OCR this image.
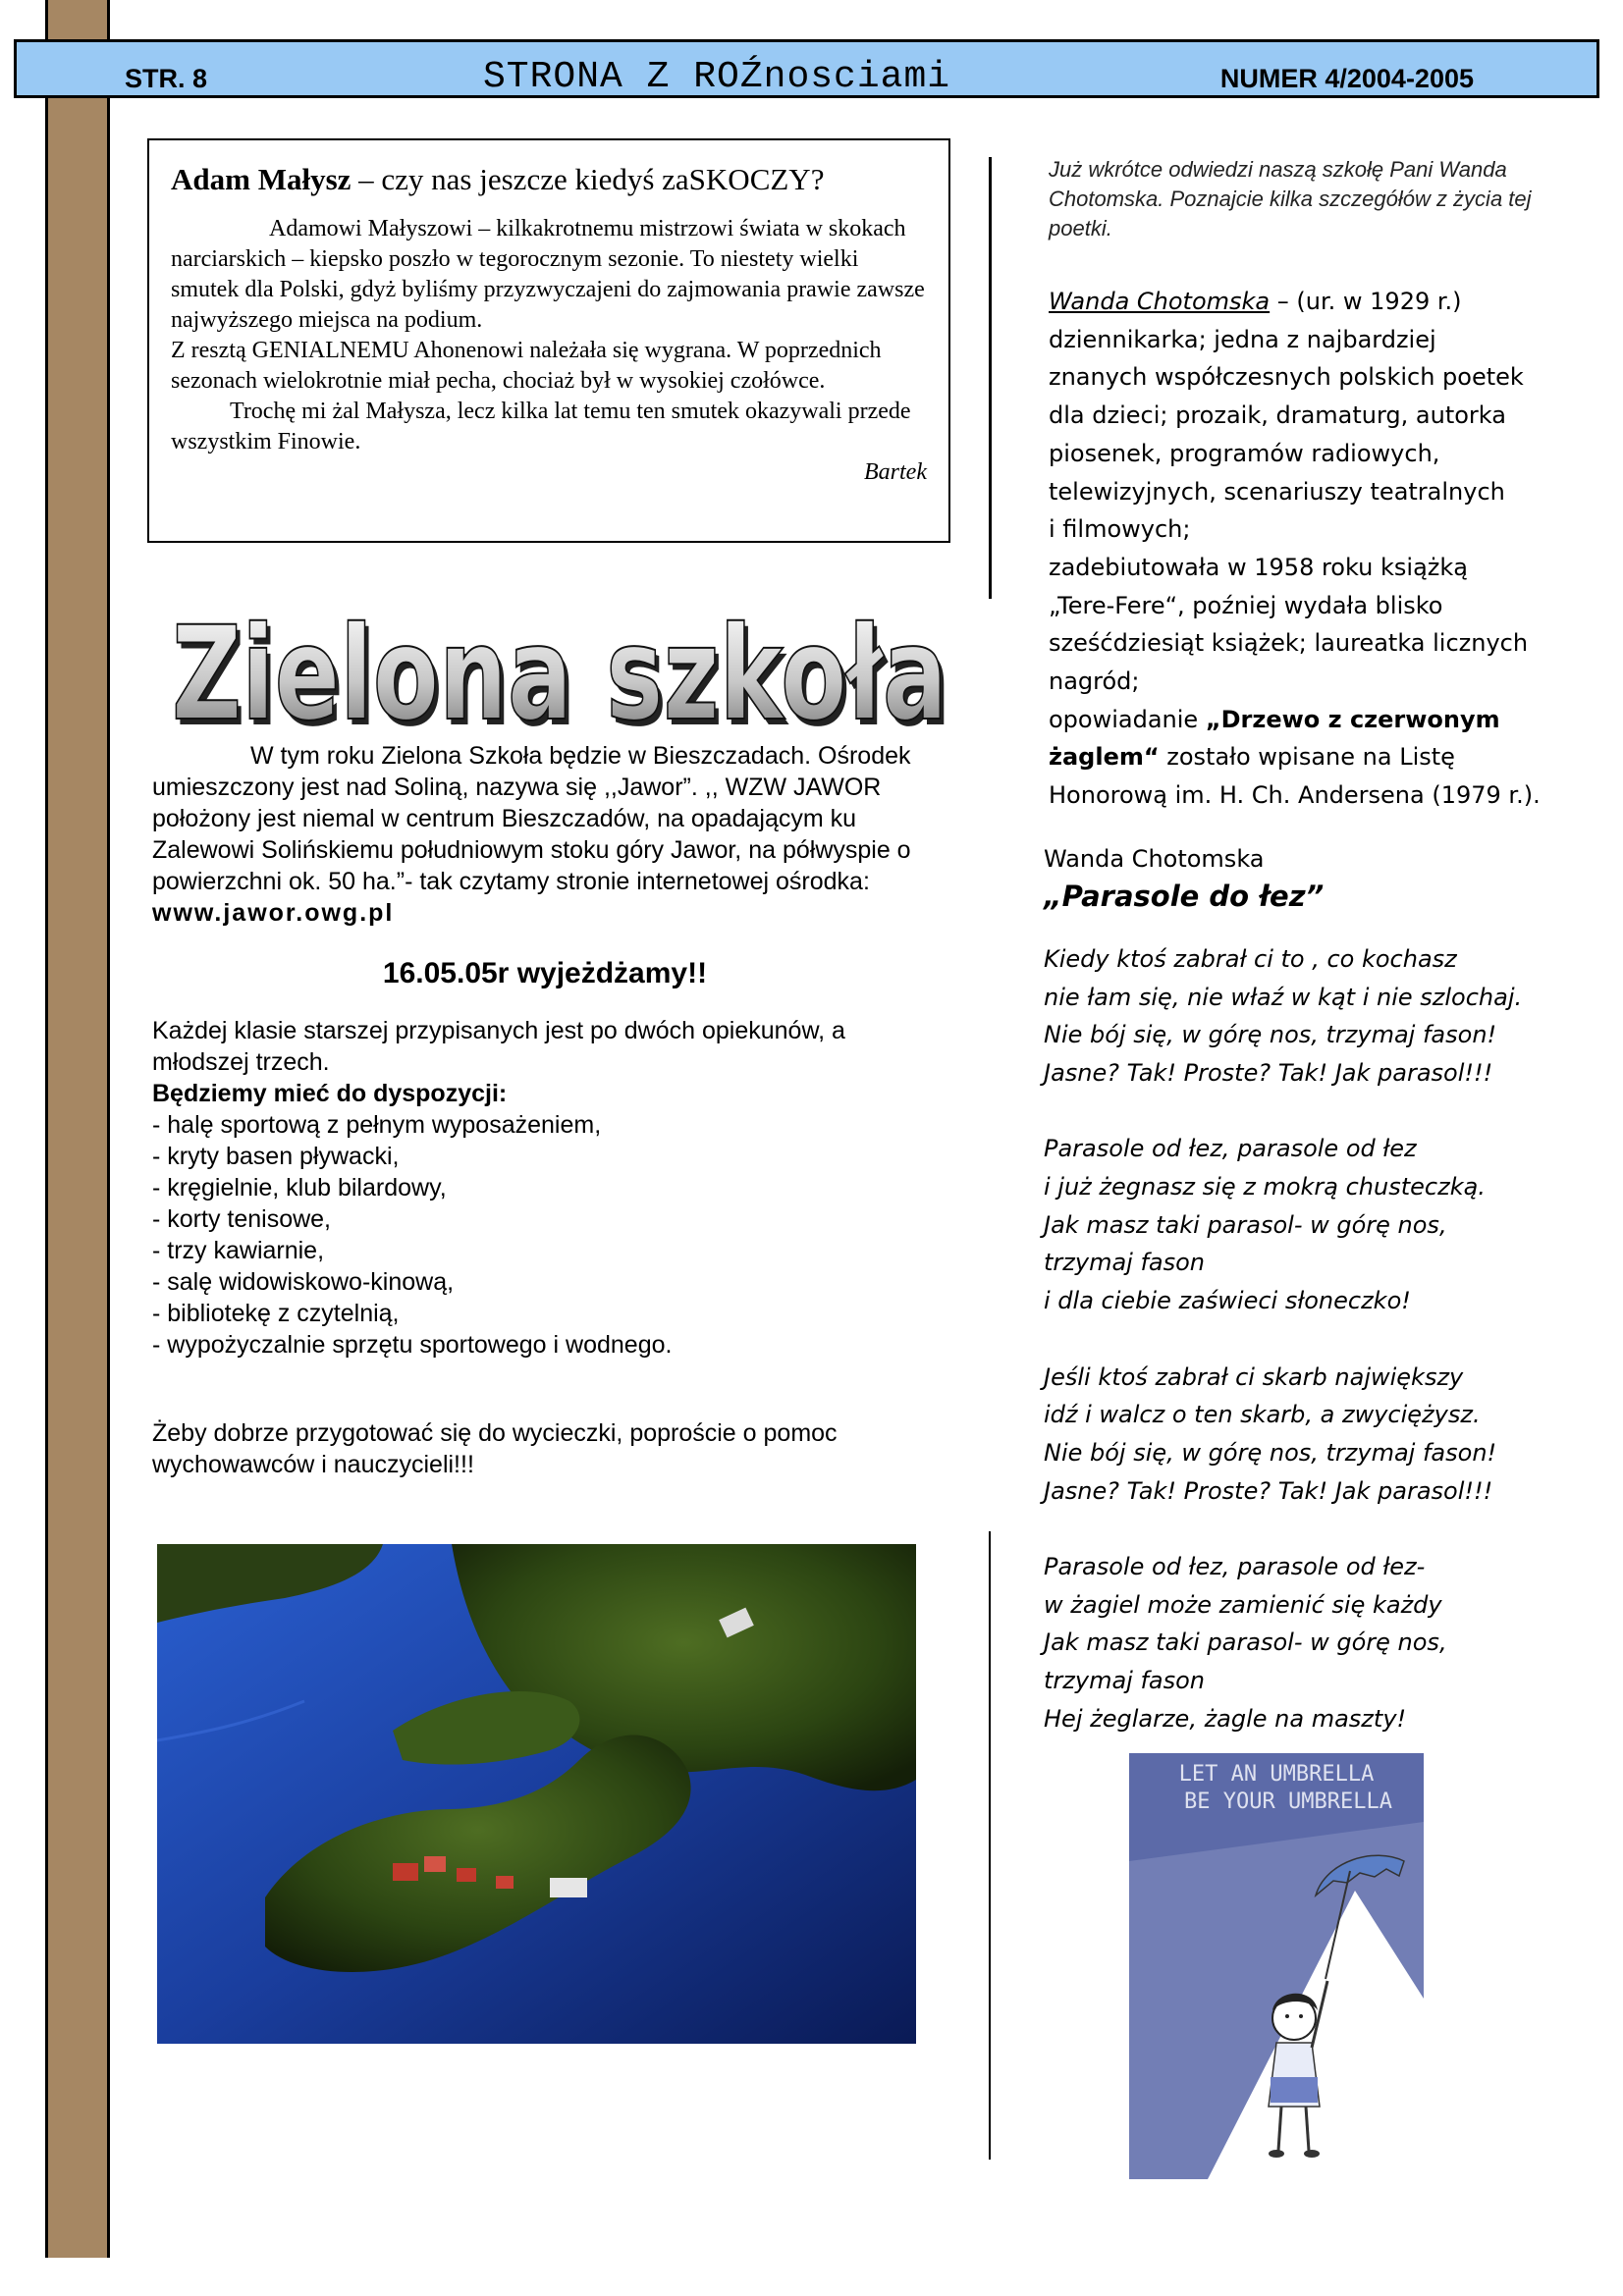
STR. 8	STRONA Z ROŹnosciami	NUMER 4/2004-2005
Adam Małysz – czy nas jeszcze kiedyś zaSKOCZY?

Adamowi Małyszowi – kilkakrotnemu mistrzowi świata w skokach narciarskich – kiepsko poszło w tegorocznym sezonie. To niestety wielki smutek dla Polski, gdyż byliśmy przyzwyczajeni do zajmowania prawie zawsze najwyższego miejsca na podium.

Z resztą GENIALNEMU Ahonenowi należała się wygrana. W poprzednich sezonach wielokrotnie miał pecha, chociaż był w wysokiej czołówce.

Trochę mi żal Małysza, lecz kilka lat temu ten smutek okazywali przede wszystkim Finowie.

Bartek

Zielona szkoła
Zielona szkoła

W tym roku Zielona Szkoła będzie w Bieszczadach. Ośrodek umieszczony jest nad Soliną, nazywa się ,,Jawor”. ,, WZW JAWOR położony jest niemal w centrum Bieszczadów, na opadającym ku Zalewowi Solińskiemu południowym stoku góry Jawor, na półwyspie o powierzchni ok. 50 ha.”- tak czytamy stronie internetowej ośrodka: www.jawor.owg.pl

16.05.05r wyjeżdżamy!!

Każdej klasie starszej przypisanych jest po dwóch opiekunów, a młodszej trzech.

Będziemy mieć do dyspozycji:

- halę sportową z pełnym wyposażeniem,

- kryty basen pływacki,

- kręgielnie, klub bilardowy,

- korty tenisowe,

- trzy kawiarnie,

- salę widowiskowo-kinową,

- bibliotekę z czytelnią,

- wypożyczalnie sprzętu sportowego i wodnego.

Żeby dobrze przygotować się do wycieczki, poproście o pomoc wychowawców i nauczycieli!!!

Już wkrótce odwiedzi naszą szkołę Pani Wanda Chotomska. Poznajcie kilka szczegółów z życia tej poetki.
Wanda Chotomska – (ur. w 1929 r.)
dziennikarka; jedna z najbardziej
znanych współczesnych polskich poetek
dla dzieci; prozaik, dramaturg, autorka
piosenek, programów radiowych,
telewizyjnych, scenariuszy teatralnych
i filmowych;
zadebiutowała w 1958 roku książką
„Tere-Fere“, poźniej wydała blisko
sześćdziesiąt książek; laureatka licznych
nagród;
opowiadanie „Drzewo z czerwonym
żaglem“ zostało wpisane na Listę
Honorową im. H. Ch. Andersena (1979 r.).
Wanda Chotomska
„Parasole do łez”
Kiedy ktoś zabrał ci to , co kochasz
nie łam się, nie właź w kąt i nie szlochaj.
Nie bój się, w górę nos, trzymaj fason!
Jasne? Tak! Proste? Tak! Jak parasol!!!
Parasole od łez, parasole od łez
i już żegnasz się z mokrą chusteczką.
Jak masz taki parasol- w górę nos,
trzymaj fason
i dla ciebie zaświeci słoneczko!
Jeśli ktoś zabrał ci skarb największy
idź i walcz o ten skarb, a zwyciężysz.
Nie bój się, w górę nos, trzymaj fason!
Jasne? Tak! Proste? Tak! Jak parasol!!!
Parasole od łez, parasole od łez-
w żagiel może zamienić się każdy
Jak masz taki parasol- w górę nos,
trzymaj fason
Hej żeglarze, żagle na maszty!
LET AN UMBRELLA
BE YOUR UMBRELLA
